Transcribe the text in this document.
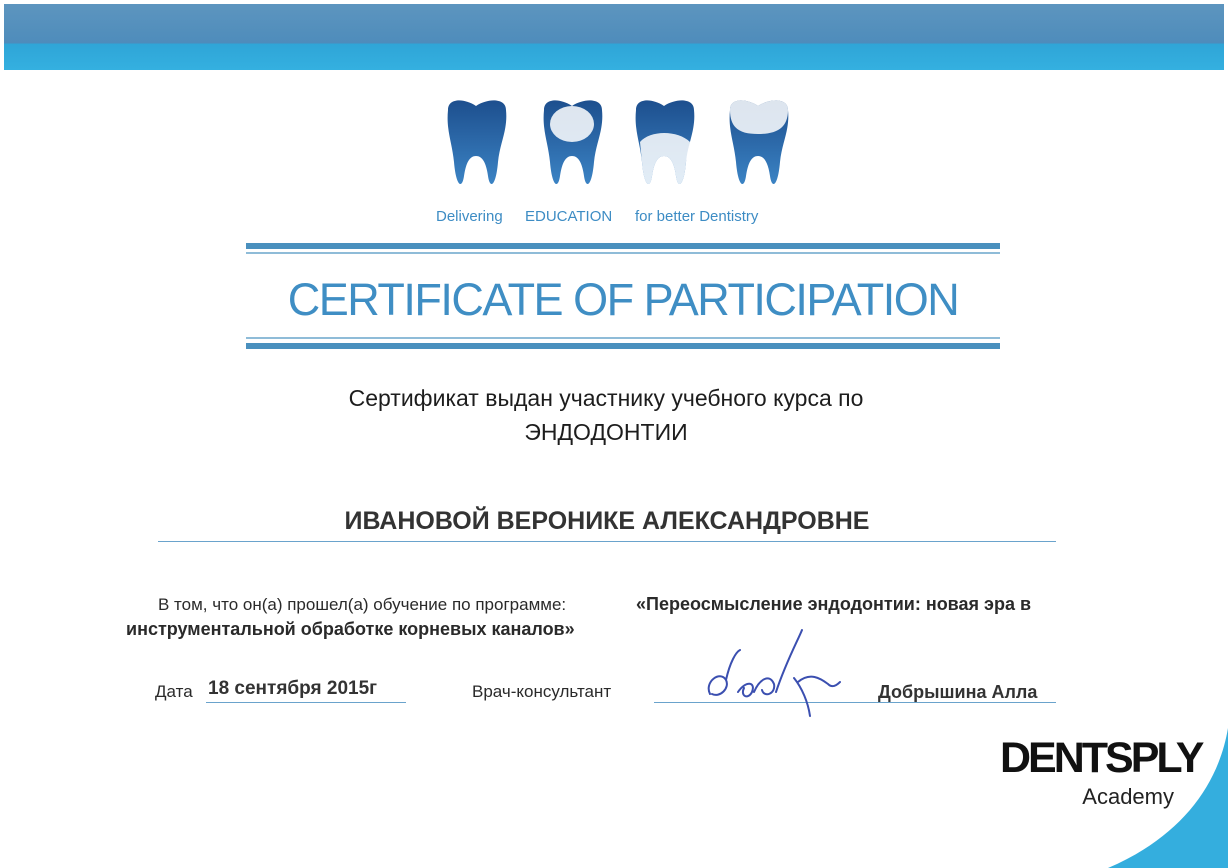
Delivering EDUCATION for better Dentistry
CERTIFICATE OF PARTICIPATION
Сертификат выдан участнику учебного курса по
ЭНДОДОНТИИ
ИВАНОВОЙ ВЕРОНИКЕ АЛЕКСАНДРОВНЕ
В том, что он(а) прошел(а) обучение по программе:	«Переосмысление эндодонтии: новая эра в
инструментальной обработке корневых каналов»
Дата 18 сентября 2015г	Врач-консультант	Добрышина Алла
DENTSPLY
Academy
